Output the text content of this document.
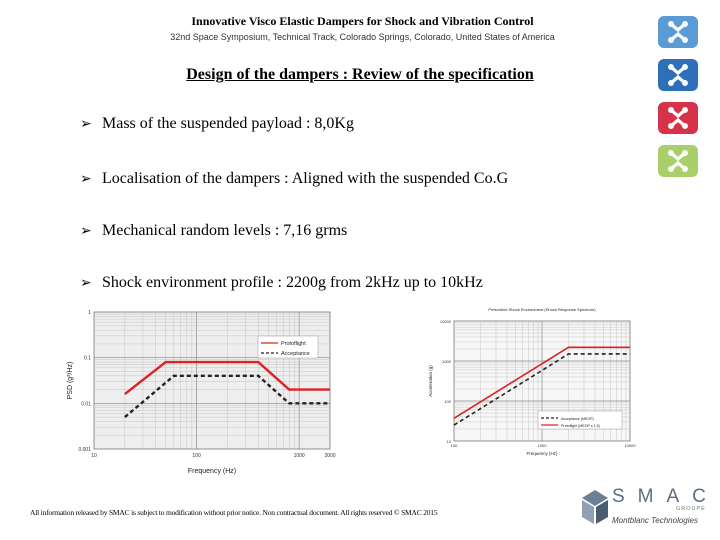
Innovative Visco Elastic Dampers for Shock and Vibration Control
32nd Space Symposium, Technical Track, Colorado Springs, Colorado, United States of America
Design of the dampers : Review of the specification
➢ Mass of the suspended payload : 8,0Kg
➢ Localisation of the dampers : Aligned with the suspended Co.G
➢ Mechanical random levels : 7,16 grms
➢ Shock environment profile : 2200g from 2kHz up to 10kHz
10	100	1000	2000
1
0.1
0.01
0.001
Frequency (Hz)
PSD (g²/Hz)
Protoflight
Acceptance
Prescribed Shock Environment (Shock Response Spectrum)
100	1000	10000
10000
1000
100
10
Frequency (Hz)
Acceleration (g)
Acceptance (MEOP)
Protoflight (MEOP x 1.5)
All information released by SMAC is subject to modification without prior notice. Non contractual document. All rights reserved © SMAC 2015
SMAC
GROUPE
Montblanc Technologies
